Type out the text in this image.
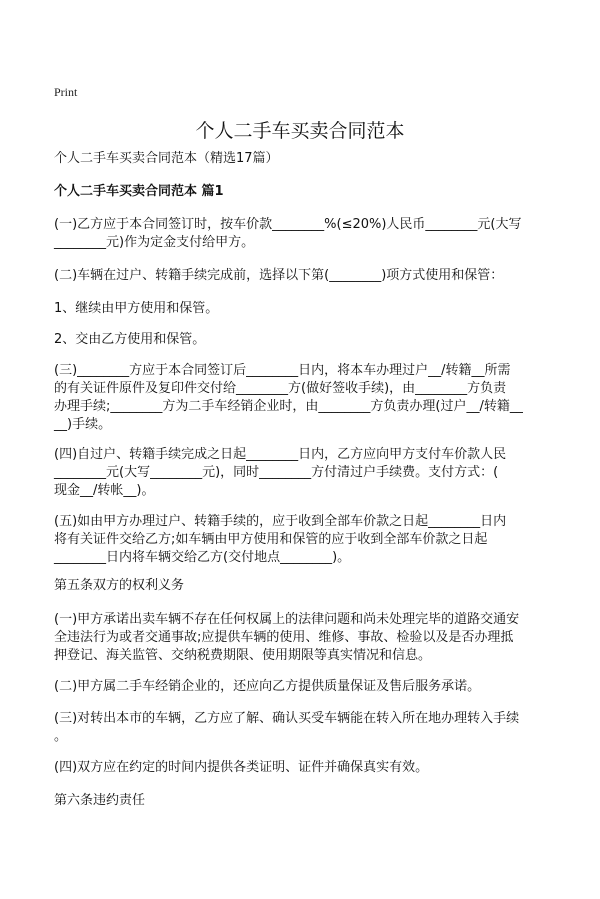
Print
个人二手车买卖合同范本
个人二手车买卖合同范本（精选17篇）
个人二手车买卖合同范本 篇1
(一)乙方应于本合同签订时，按车价款________%(≤20%)人民币________元(大写
________元)作为定金支付给甲方。
(二)车辆在过户、转籍手续完成前，选择以下第(________)项方式使用和保管：
1、继续由甲方使用和保管。
2、交由乙方使用和保管。
(三)________方应于本合同签订后________日内，将本车办理过户__/转籍__所需
的有关证件原件及复印件交付给________方(做好签收手续)，由________方负责
办理手续;________方为二手车经销企业时，由________方负责办理(过户__/转籍__
__)手续。
(四)自过户、转籍手续完成之日起________日内，乙方应向甲方支付车价款人民
________元(大写________元)，同时________方付清过户手续费。支付方式：(
现金__/转帐__)。
(五)如由甲方办理过户、转籍手续的，应于收到全部车价款之日起________日内
将有关证件交给乙方;如车辆由甲方使用和保管的应于收到全部车价款之日起
________日内将车辆交给乙方(交付地点________)。
第五条双方的权利义务
(一)甲方承诺出卖车辆不存在任何权属上的法律问题和尚未处理完毕的道路交通安
全违法行为或者交通事故;应提供车辆的使用、维修、事故、检验以及是否办理抵
押登记、海关监管、交纳税费期限、使用期限等真实情况和信息。
(二)甲方属二手车经销企业的，还应向乙方提供质量保证及售后服务承诺。
(三)对转出本市的车辆，乙方应了解、确认买受车辆能在转入所在地办理转入手续
。
(四)双方应在约定的时间内提供各类证明、证件并确保真实有效。
第六条违约责任
